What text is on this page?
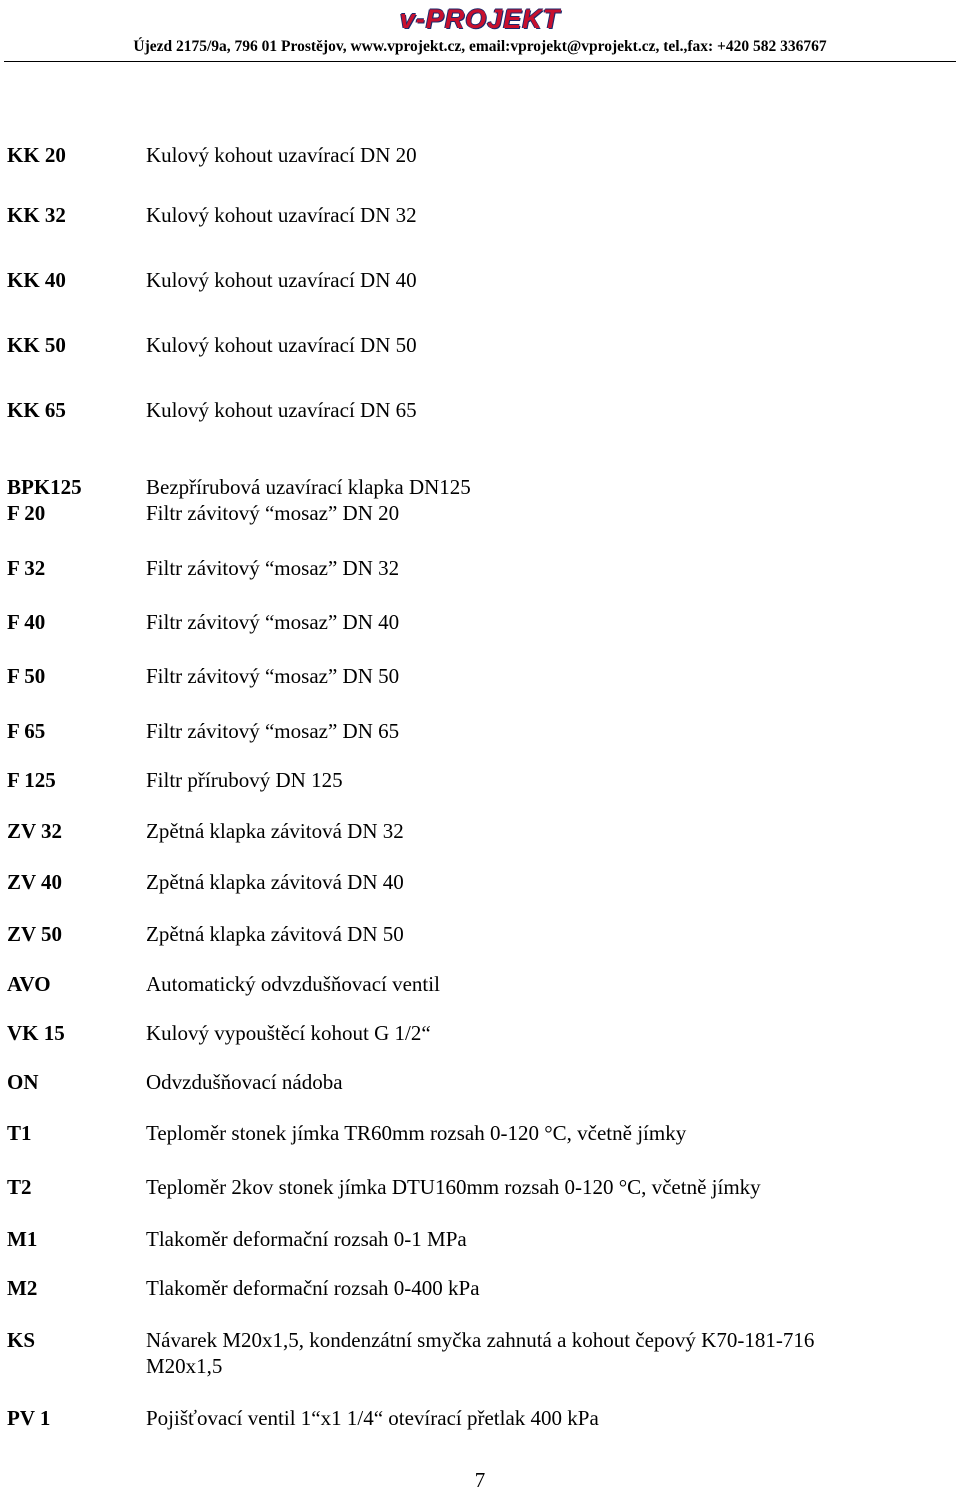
v-PROJEKT
Újezd 2175/9a, 796 01 Prostějov, www.vprojekt.cz, email:vprojekt@vprojekt.cz, tel.,fax: +420 582 336767
KK 20	Kulový kohout uzavírací DN 20
KK 32	Kulový kohout uzavírací DN 32
KK 40	Kulový kohout uzavírací DN 40
KK 50	Kulový kohout uzavírací DN 50
KK 65	Kulový kohout uzavírací DN 65
BPK125	Bezpřírubová uzavírací klapka DN125
F 20	Filtr závitový “mosaz” DN 20
F 32	Filtr závitový “mosaz” DN 32
F 40	Filtr závitový “mosaz” DN 40
F 50	Filtr závitový “mosaz” DN 50
F 65	Filtr závitový “mosaz” DN 65
F 125	Filtr přírubový DN 125
ZV 32	Zpětná klapka závitová DN 32
ZV 40	Zpětná klapka závitová DN 40
ZV 50	Zpětná klapka závitová DN 50
AVO	Automatický odvzdušňovací ventil
VK 15	Kulový vypouštěcí kohout G 1/2“
ON	Odvzdušňovací nádoba
T1	Teploměr stonek jímka TR60mm rozsah 0-120 °C, včetně jímky
T2	Teploměr 2kov stonek jímka DTU160mm rozsah 0-120 °C, včetně jímky
M1	Tlakoměr deformační rozsah 0-1 MPa
M2	Tlakoměr deformační rozsah 0-400 kPa
KS	Návarek M20x1,5, kondenzátní smyčka zahnutá a kohout čepový K70-181-716
M20x1,5
PV 1	Pojišťovací ventil 1“x1 1/4“ otevírací přetlak 400 kPa
7
